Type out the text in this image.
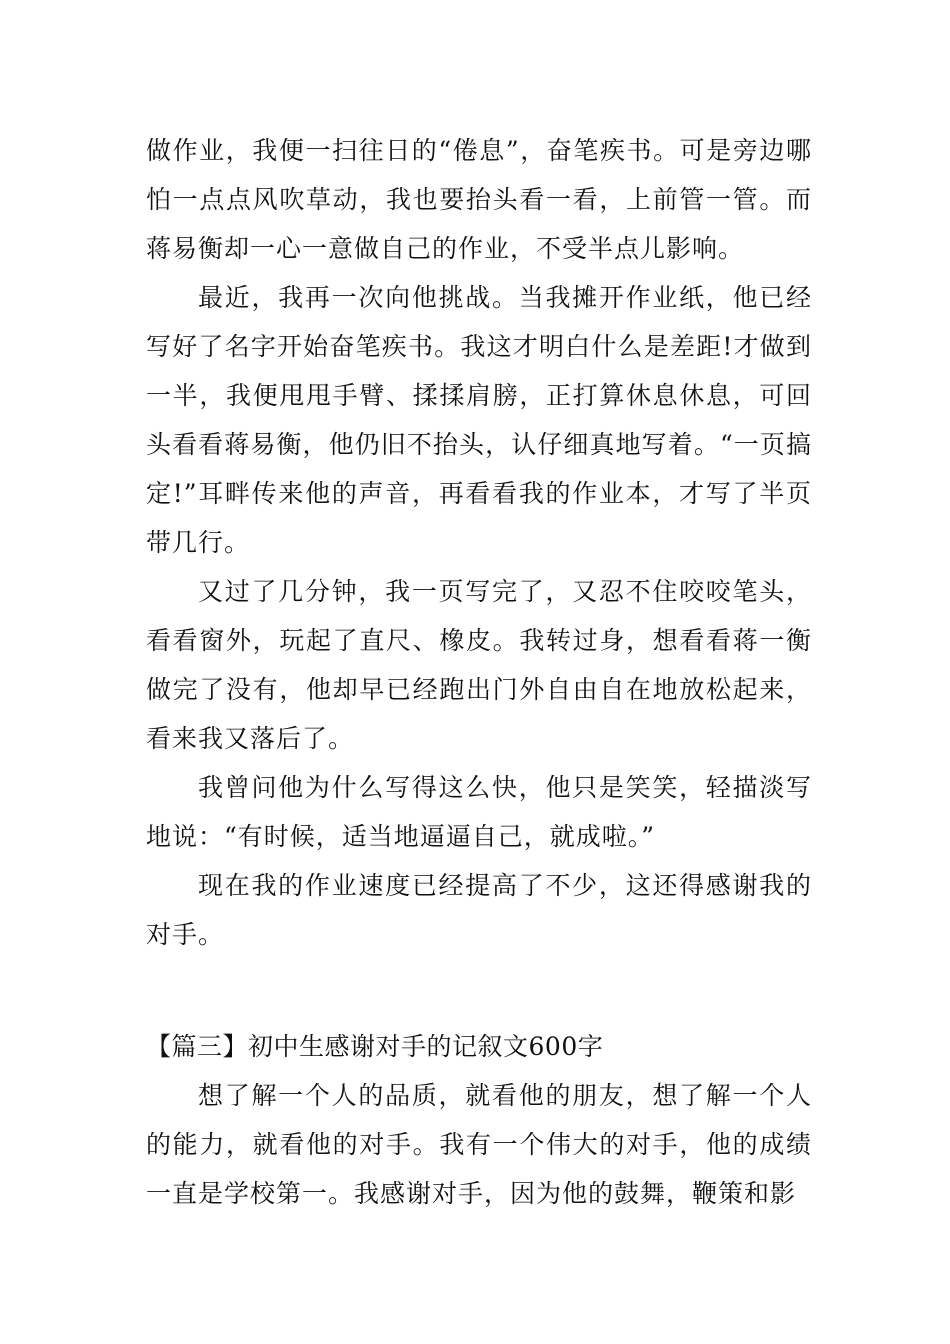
做作业，我便一扫往日的“倦息”，奋笔疾书。可是旁边哪怕一点点风吹草动，我也要抬头看一看，上前管一管。而蒋易衡却一心一意做自己的作业，不受半点儿影响。

最近，我再一次向他挑战。当我摊开作业纸，他已经写好了名字开始奋笔疾书。我这才明白什么是差距!才做到一半，我便甩甩手臂、揉揉肩膀，正打算休息休息，可回头看看蒋易衡，他仍旧不抬头，认仔细真地写着。“一页搞定!”耳畔传来他的声音，再看看我的作业本，才写了半页带几行。

又过了几分钟，我一页写完了，又忍不住咬咬笔头，看看窗外，玩起了直尺、橡皮。我转过身，想看看蒋一衡做完了没有，他却早已经跑出门外自由自在地放松起来，看来我又落后了。

我曾问他为什么写得这么快，他只是笑笑，轻描淡写地说：“有时候，适当地逼逼自己，就成啦。”

现在我的作业速度已经提高了不少，这还得感谢我的对手。

【篇三】初中生感谢对手的记叙文600字

想了解一个人的品质，就看他的朋友，想了解一个人的能力，就看他的对手。我有一个伟大的对手，他的成绩一直是学校第一。我感谢对手，因为他的鼓舞，鞭策和影
